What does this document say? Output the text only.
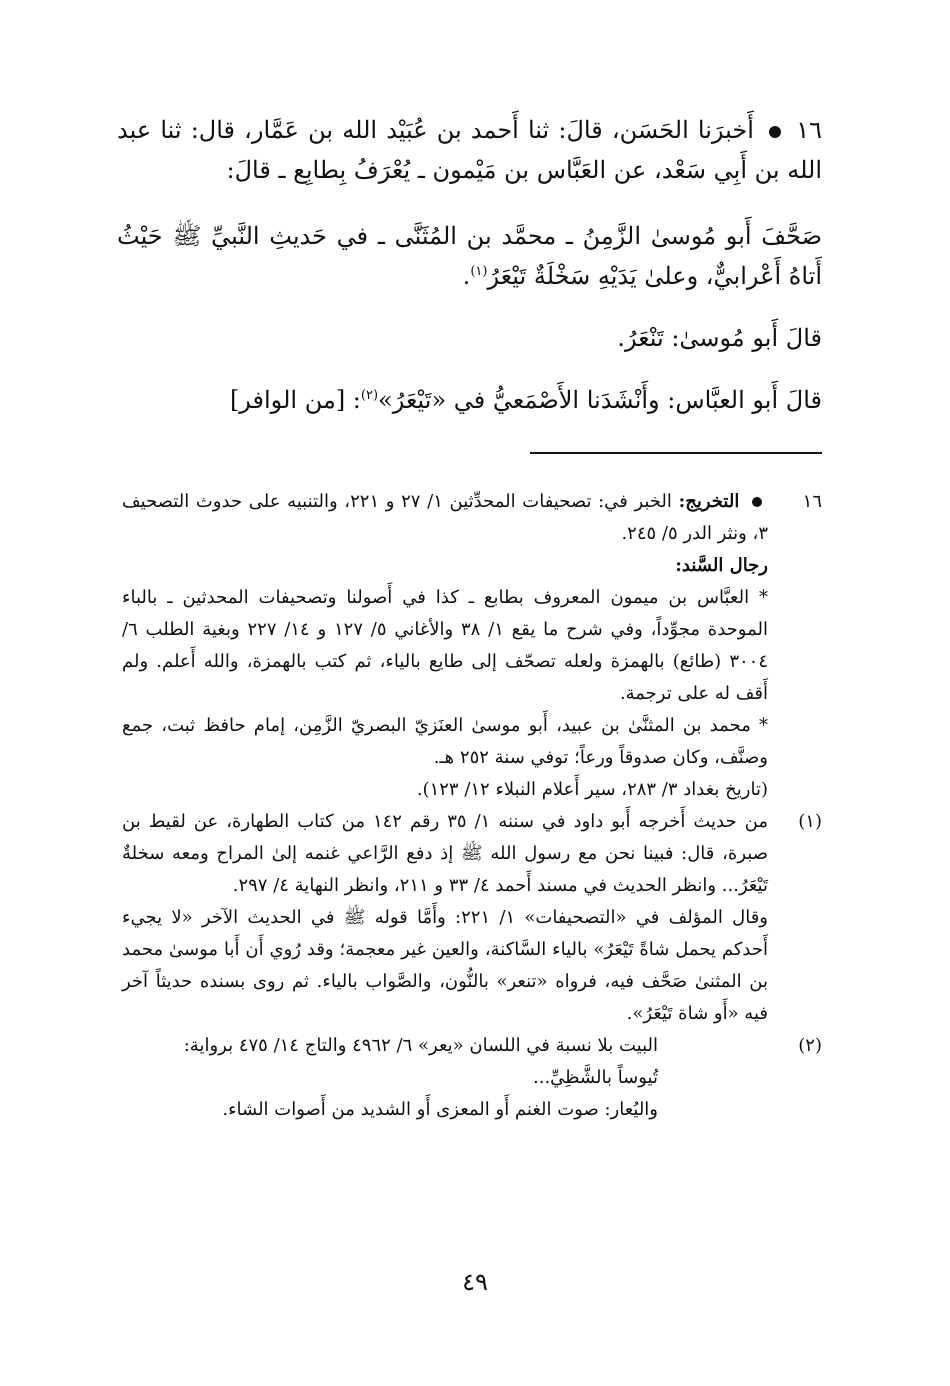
١٦  أَخبرَنا الحَسَن، قالَ: ثنا أَحمد بن عُبَيْد الله بن عَمَّار، قال: ثنا عبد الله بن أَبِي سَعْد، عن العَبَّاس بن مَيْمون ـ يُعْرَفُ بِطابِع ـ قالَ:

صَحَّفَ أَبو مُوسىٰ الزَّمِنُ ـ محمَّد بن المُثَنَّى ـ في حَديثِ النَّبيِّ ﷺ حَيْثُ أَتاهُ أَعْرابيٌّ، وعلىٰ يَدَيْهِ سَخْلَةٌ تَيْعَرُ$^{(١)}$.

قالَ أَبو مُوسىٰ: تَنْعَرُ.

قالَ أَبو العبَّاس: وأَنْشَدَنا الأَصْمَعيُّ في «تَيْعَرُ»$^{(٢)}$: [من الوافر]

١٦

التخريج: الخبر في: تصحيفات المحدِّثين ١/ ٢٧ و ٢٢١، والتنبيه على حدوث التصحيف ٣، ونثر الدر ٥/ ٢٤٥.

رجال السَّند:

* العبَّاس بن ميمون المعروف بطابع ـ كذا في أَصولنا وتصحيفات المحدثين ـ بالباء الموحدة مجوِّداً، وفي شرح ما يقع ١/ ٣٨ والأغاني ٥/ ١٢٧ و ١٤/ ٢٢٧ وبغية الطلب ٦/ ٣٠٠٤ (طائع) بالهمزة ولعله تصحّف إلى طايع بالياء، ثم كتب بالهمزة، والله أَعلم. ولم أَقف له على ترجمة.

* محمد بن المثنَّىٰ بن عبيد، أَبو موسىٰ العنَزيّ البصريّ الزَّمِن، إمام حافظ ثبت، جمع وصنَّف، وكان صدوقاً ورعاً؛ توفي سنة ٢٥٢ هـ.

(تاريخ بغداد ٣/ ٢٨٣، سير أَعلام النبلاء ١٢/ ١٢٣).

(١)

من حديث أَخرجه أَبو داود في سننه ١/ ٣٥ رقم ١٤٢ من كتاب الطهارة، عن لقيط بن صبرة، قال: فبينا نحن مع رسول الله ﷺ إذ دفع الرَّاعي غنمه إلىٰ المراح ومعه سخلةٌ تَيْعَرُ... وانظر الحديث في مسند أَحمد ٤/ ٣٣ و ٢١١، وانظر النهاية ٤/ ٢٩٧.

وقال المؤلف في «التصحيفات» ١/ ٢٢١: وأَمَّا قوله ﷺ في الحديث الآخر «لا يجيء أَحدكم يحمل شاةً تَيْعَرُ» بالياء السَّاكنة، والعين غير معجمة؛ وقد رُوي أَن أَبا موسىٰ محمد بن المثنىٰ صَحَّف فيه، فرواه «تنعر» بالنُّون، والصَّواب بالياء. ثم روى بسنده حديثاً آخر فيه «أَو شاة تَيْعَرُ».

(٢)

البيت بلا نسبة في اللسان «يعر» ٦/ ٤٩٦٢ والتاج ١٤/ ٤٧٥ برواية:

تُيوساً بالشَّظِيِّ...

واليُعار: صوت الغنم أَو المعزى أَو الشديد من أَصوات الشاء.

٤٩
